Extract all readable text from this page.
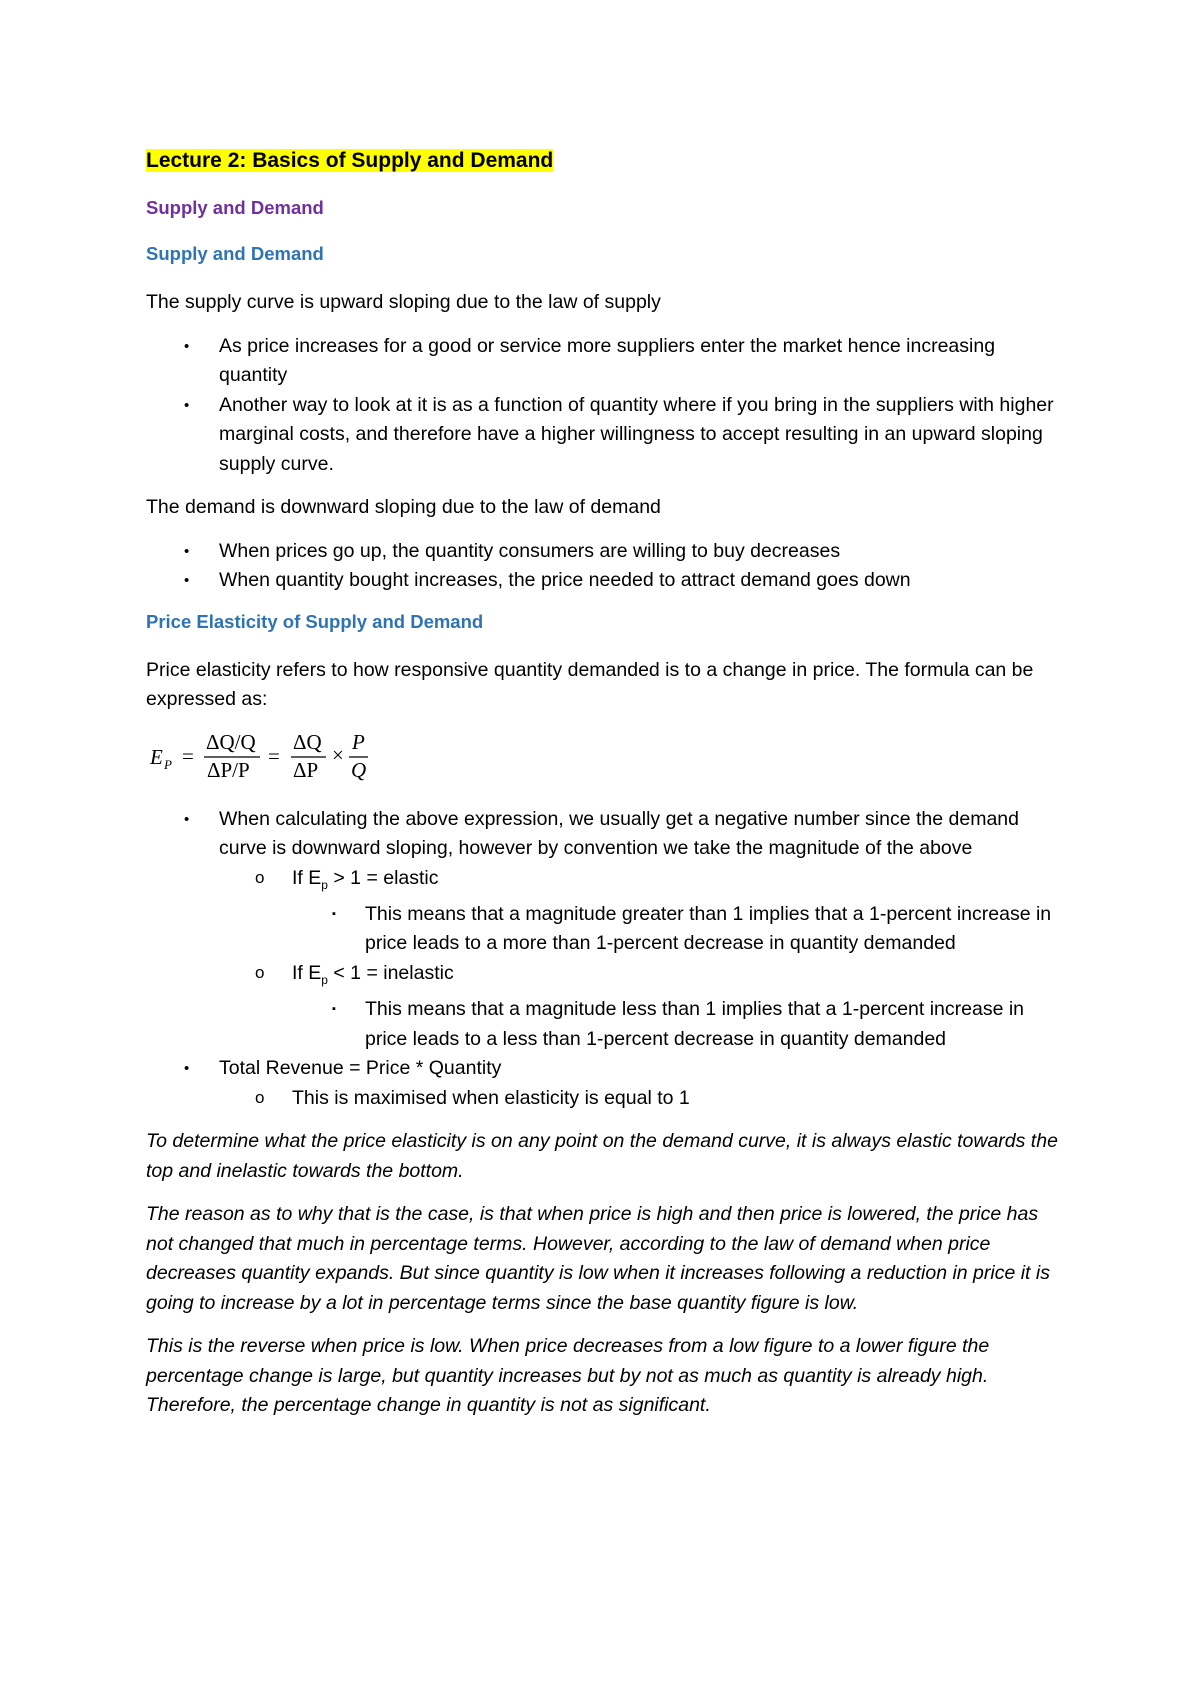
Lecture 2: Basics of Supply and Demand
Supply and Demand
Supply and Demand

The supply curve is upward sloping due to the law of supply

• As price increases for a good or service more suppliers enter the market hence increasing quantity
• Another way to look at it is as a function of quantity where if you bring in the suppliers with higher marginal costs, and therefore have a higher willingness to accept resulting in an upward sloping supply curve.

The demand is downward sloping due to the law of demand

• When prices go up, the quantity consumers are willing to buy decreases
• When quantity bought increases, the price needed to attract demand goes down
Price Elasticity of Supply and Demand

Price elasticity refers to how responsive quantity demanded is to a change in price. The formula can be expressed as:

E P =
ΔQ/Q
ΔP/P
=
ΔQ
ΔP
×
P
Q
• When calculating the above expression, we usually get a negative number since the demand curve is downward sloping, however by convention we take the magnitude of the above
o If $E_p > 1$ = elastic
▪ This means that a magnitude greater than 1 implies that a 1-percent increase in price leads to a more than 1-percent decrease in quantity demanded
o If $E_p < 1$ = inelastic
▪ This means that a magnitude less than 1 implies that a 1-percent increase in price leads to a less than 1-percent decrease in quantity demanded
• Total Revenue = Price * Quantity
o This is maximised when elasticity is equal to 1

To determine what the price elasticity is on any point on the demand curve, it is always elastic towards the top and inelastic towards the bottom.

The reason as to why that is the case, is that when price is high and then price is lowered, the price has not changed that much in percentage terms. However, according to the law of demand when price decreases quantity expands. But since quantity is low when it increases following a reduction in price it is going to increase by a lot in percentage terms since the base quantity figure is low.

This is the reverse when price is low. When price decreases from a low figure to a lower figure the percentage change is large, but quantity increases but by not as much as quantity is already high. Therefore, the percentage change in quantity is not as significant.
